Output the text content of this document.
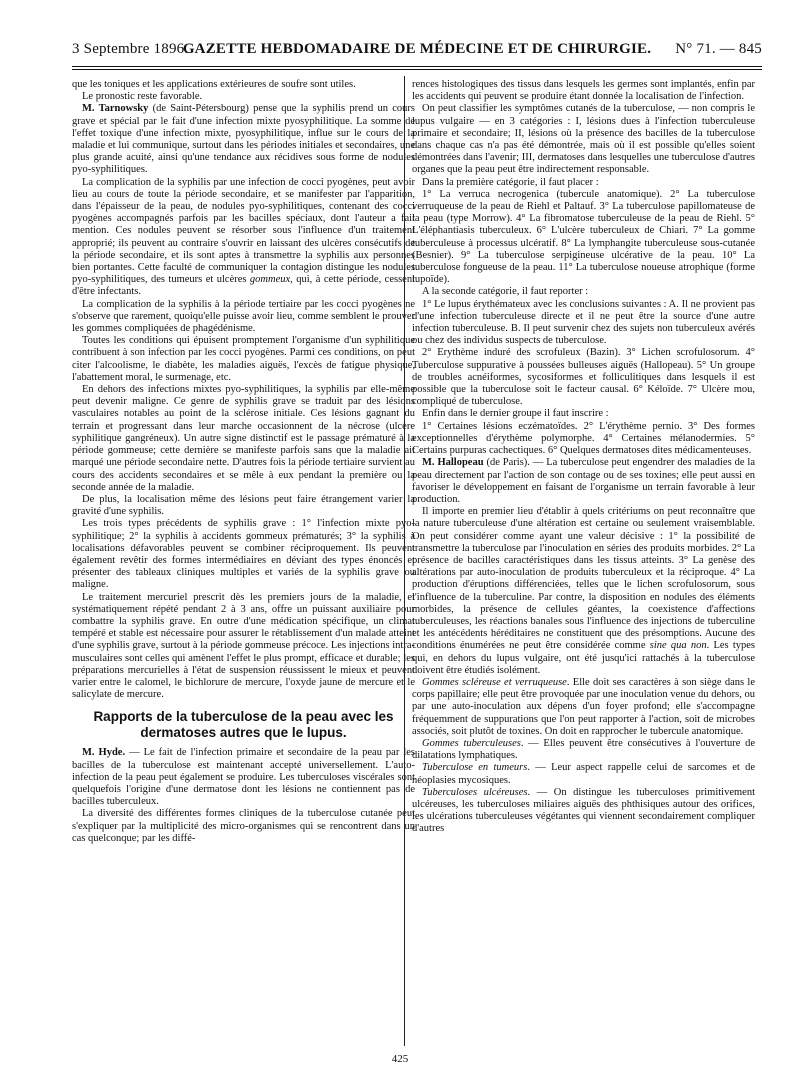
3 Septembre 1896.
GAZETTE HEBDOMADAIRE DE MÉDECINE ET DE CHIRURGIE.	N° 71. — 845

que les toniques et les applications extérieures de soufre sont utiles.

Le pronostic reste favorable.

M. Tarnowsky (de Saint-Pétersbourg) pense que la syphilis prend un cours grave et spécial par le fait d'une infection mixte pyosyphilitique. La somme de l'effet toxique d'une infection mixte, pyosyphilitique, influe sur le cours de la maladie et lui communique, surtout dans les périodes initiales et secondaires, une plus grande acuité, ainsi qu'une tendance aux récidives sous forme de nodules pyo-syphilitiques.

La complication de la syphilis par une infection de cocci pyogènes, peut avoir lieu au cours de toute la période secondaire, et se manifester par l'apparition, dans l'épaisseur de la peau, de nodules pyo-syphilitiques, contenant des cocci pyogènes accompagnés parfois par les bacilles spéciaux, dont l'auteur a fait mention. Ces nodules peuvent se résorber sous l'influence d'un traitement approprié; ils peuvent au contraire s'ouvrir en laissant des ulcères consécutifs de la période secondaire, et ils sont aptes à transmettre la syphilis aux personnes bien portantes. Cette faculté de communiquer la contagion distingue les nodules pyo-syphilitiques, des tumeurs et ulcères gommeux, qui, à cette période, cessent d'être infectants.

La complication de la syphilis à la période tertiaire par les cocci pyogènes ne s'observe que rarement, quoiqu'elle puisse avoir lieu, comme semblent le prouver les gommes compliquées de phagédénisme.

Toutes les conditions qui épuisent promptement l'organisme d'un syphilitique contribuent à son infection par les cocci pyogènes. Parmi ces conditions, on peut citer l'alcoolisme, le diabète, les maladies aiguës, l'excès de fatigue physique, l'abattement moral, le surmenage, etc.

En dehors des infections mixtes pyo-syphilitiques, la syphilis par elle-même peut devenir maligne. Ce genre de syphilis grave se traduit par des lésions vasculaires notables au point de la sclérose initiale. Ces lésions gagnant du terrain et progressant dans leur marche occasionnent de la nécrose (ulcère syphilitique gangréneux). Un autre signe distinctif est le passage prématuré à la période gommeuse; cette dernière se manifeste parfois sans que la maladie ait marqué une période secondaire nette. D'autres fois la période tertiaire survient au cours des accidents secondaires et se mêle à eux pendant la première ou la seconde année de la maladie.

De plus, la localisation même des lésions peut faire étrangement varier la gravité d'une syphilis.

Les trois types précédents de syphilis grave : 1° l'infection mixte pyo-syphilitique; 2° la syphilis à accidents gommeux prématurés; 3° la syphilis à localisations défavorables peuvent se combiner réciproquement. Ils peuvent également revêtir des formes intermédiaires en déviant des types énoncés et présenter des tableaux cliniques multiples et variés de la syphilis grave ou maligne.

Le traitement mercuriel prescrit dès les premiers jours de la maladie, et systématiquement répété pendant 2 à 3 ans, offre un puissant auxiliaire pour combattre la syphilis grave. En outre d'une médication spécifique, un climat tempéré et stable est nécessaire pour assurer le rétablissement d'un malade atteint d'une syphilis grave, surtout à la période gommeuse précoce. Les injections intra-musculaires sont celles qui amènent l'effet le plus prompt, efficace et durable; les préparations mercurielles à l'état de suspension réussissent le mieux et peuvent varier entre le calomel, le bichlorure de mercure, l'oxyde jaune de mercure et le salicylate de mercure.

Rapports de la tuberculose de la peau avec les dermatoses autres que le lupus.

M. Hyde. — Le fait de l'infection primaire et secondaire de la peau par les bacilles de la tuberculose est maintenant accepté universellement. L'auto-infection de la peau peut également se produire. Les tuberculoses viscérales sont quelquefois l'origine d'une dermatose dont les lésions ne contiennent pas de bacilles tuberculeux.

La diversité des différentes formes cliniques de la tuberculose cutanée peut s'expliquer par la multiplicité des micro-organismes qui se rencontrent dans un cas quelconque; par les diffé-

rences histologiques des tissus dans lesquels les germes sont implantés, enfin par les accidents qui peuvent se produire étant donnée la localisation de l'infection.

On peut classifier les symptômes cutanés de la tuberculose, — non compris le lupus vulgaire — en 3 catégories : I, lésions dues à l'infection tuberculeuse primaire et secondaire; II, lésions où la présence des bacilles de la tuberculose dans chaque cas n'a pas été démontrée, mais où il est possible qu'elles soient démontrées dans l'avenir; III, dermatoses dans lesquelles une tuberculose d'autres organes que la peau peut être indirectement responsable.

Dans la première catégorie, il faut placer :

1° La verruca necrogenica (tubercule anatomique). 2° La tuberculose verruqueuse de la peau de Riehl et Paltauf. 3° La tuberculose papillomateuse de la peau (type Morrow). 4° La fibromatose tuberculeuse de la peau de Riehl. 5° L'éléphantiasis tuberculeux. 6° L'ulcère tuberculeux de Chiari. 7° La gomme tuberculeuse à processus ulcératif. 8° La lymphangite tuberculeuse sous-cutanée (Besnier). 9° La tuberculose serpigineuse ulcérative de la peau. 10° La tuberculose fongueuse de la peau. 11° La tuberculose noueuse atrophique (forme lupoïde).

A la seconde catégorie, il faut reporter :

1° Le lupus érythémateux avec les conclusions suivantes : A. Il ne provient pas d'une infection tuberculeuse directe et il ne peut être la source d'une autre infection tuberculeuse. B. Il peut survenir chez des sujets non tuberculeux avérés ou chez des individus suspects de tuberculose.

2° Erythème induré des scrofuleux (Bazin). 3° Lichen scrofulosorum. 4° Tuberculose suppurative à poussées bulleuses aiguës (Hallopeau). 5° Un groupe de troubles acnéiformes, sycosiformes et folliculitiques dans lesquels il est possible que la tuberculose soit le facteur causal. 6° Kéloïde. 7° Ulcère mou, compliqué de tuberculose.

Enfin dans le dernier groupe il faut inscrire :

1° Certaines lésions eczématoïdes. 2° L'érythème pernio. 3° Des formes exceptionnelles d'érythème polymorphe. 4° Certaines mélanodermies. 5° Certains purpuras cachectiques. 6° Quelques dermatoses dites médicamenteuses.

M. Hallopeau (de Paris). — La tuberculose peut engendrer des maladies de la peau directement par l'action de son contage ou de ses toxines; elle peut aussi en favoriser le développement en faisant de l'organisme un terrain favorable à leur production.

Il importe en premier lieu d'établir à quels critériums on peut reconnaître que la nature tuberculeuse d'une altération est certaine ou seulement vraisemblable. On peut considérer comme ayant une valeur décisive : 1° la possibilité de transmettre la tuberculose par l'inoculation en séries des produits morbides. 2° La présence de bacilles caractéristiques dans les tissus atteints. 3° La genèse des altérations par auto-inoculation de produits tuberculeux et la réciproque. 4° La production d'éruptions différenciées, telles que le lichen scrofulosorum, sous l'influence de la tuberculine. Par contre, la disposition en nodules des éléments morbides, la présence de cellules géantes, la coexistence d'affections tuberculeuses, les réactions banales sous l'influence des injections de tuberculine et les antécédents héréditaires ne constituent que des présomptions. Aucune des conditions énumérées ne peut être considérée comme sine qua non. Les types qui, en dehors du lupus vulgaire, ont été jusqu'ici rattachés à la tuberculose doivent être étudiés isolément.

Gommes scléreuse et verruqueuse. Elle doit ses caractères à son siège dans le corps papillaire; elle peut être provoquée par une inoculation venue du dehors, ou par une auto-inoculation aux dépens d'un foyer profond; elle s'accompagne fréquemment de suppurations que l'on peut rapporter à l'action, soit de microbes associés, soit plutôt de toxines. On doit en rapprocher le tubercule anatomique.

Gommes tuberculeuses. — Elles peuvent être consécutives à l'ouverture de dilatations lymphatiques.

Tuberculose en tumeurs. — Leur aspect rappelle celui de sarcomes et de néoplasies mycosiques.

Tuberculoses ulcéreuses. — On distingue les tuberculoses primitivement ulcéreuses, les tuberculoses miliaires aiguës des phthisiques autour des orifices, les ulcérations tuberculeuses végétantes qui viennent secondairement compliquer d'autres

425
